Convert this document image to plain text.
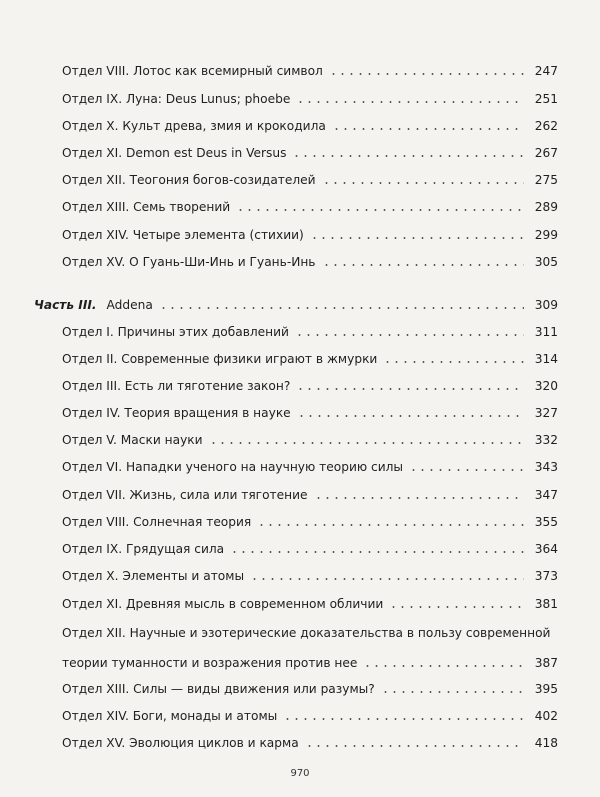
Отдел VIII. Лотос как всемирный символ	247
Отдел IX. Луна: Deus Lunus; phoebe	251
Отдел X. Культ древа, змия и крокодила	262
Отдел XI. Demon est Deus in Versus	267
Отдел XII. Теогония богов-созидателей	275
Отдел XIII. Семь творений	289
Отдел XIV. Четыре элемента (стихии)	299
Отдел XV. О Гуань-Ши-Инь и Гуань-Инь	305
Часть III. Addena	309
Отдел I. Причины этих добавлений	311
Отдел II. Современные физики играют в жмурки	314
Отдел III. Есть ли тяготение закон?	320
Отдел IV. Теория вращения в науке	327
Отдел V. Маски науки	332
Отдел VI. Нападки ученого на научную теорию силы	343
Отдел VII. Жизнь, сила или тяготение	347
Отдел VIII. Солнечная теория	355
Отдел IX. Грядущая сила	364
Отдел X. Элементы и атомы	373
Отдел XI. Древняя мысль в современном обличии	381
Отдел XII. Научные и эзотерические доказательства в пользу современной
теории туманности и возражения против нее	387
Отдел XIII. Силы — виды движения или разумы?	395
Отдел XIV. Боги, монады и атомы	402
Отдел XV. Эволюция циклов и карма	418
970
